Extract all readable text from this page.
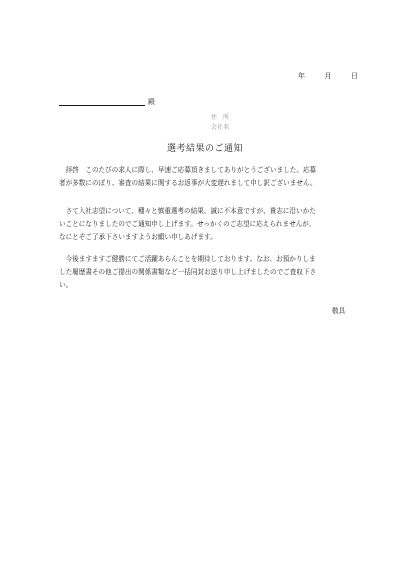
年	月	日
殿
住　所
会社名
選考結果のご通知

　拝啓　このたびの求人に際し、早速ご応募頂きましてありがとうございました。応募
者が多数にのぼり、審査の結果に関するお返事が大変遅れまして申し訳ございません。

　さて入社志望について、種々と慎重選考の結果、誠に不本意ですが、貴志に沿いかた
いことになりましたのでご通知申し上げます。せっかくのご志望に応えられませんが、
なにとぞご了承下さいますようお願い申しあげます。

　今後ますますご健勝にてご活躍あらんことを期待しております。なお、お預かりしま
した履歴書その他ご提出の関係書類など一括同封お送り申し上げましたのでご査収下さ
い。

敬具
